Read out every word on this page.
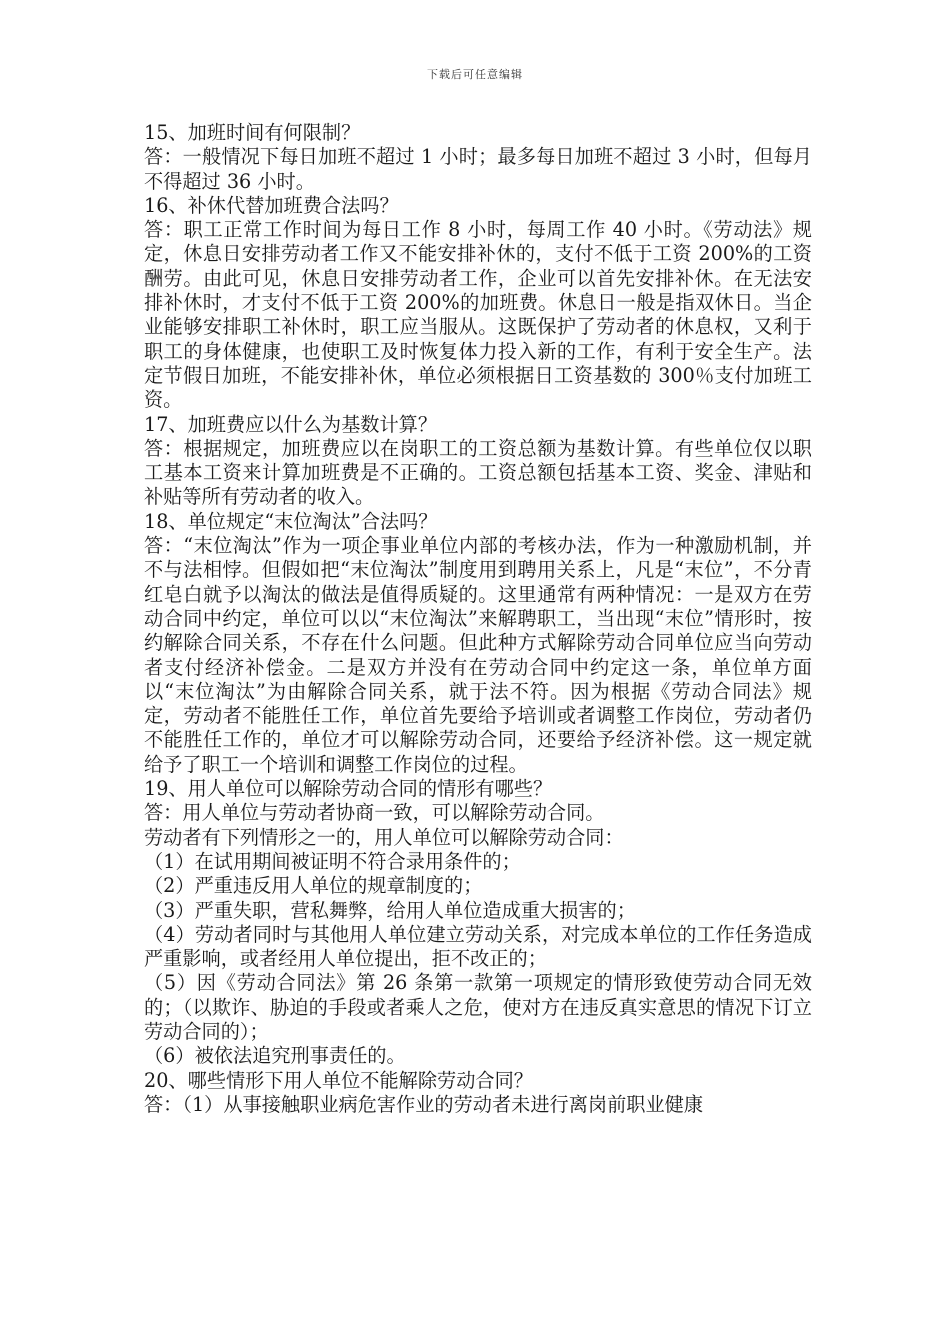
下载后可任意编辑

15、加班时间有何限制？

答：一般情况下每日加班不超过 1 小时；最多每日加班不超过 3 小时，但每月不得超过 36 小时。

16、补休代替加班费合法吗？

答：职工正常工作时间为每日工作 8 小时，每周工作 40 小时。《劳动法》规定，休息日安排劳动者工作又不能安排补休的，支付不低于工资 200%的工资酬劳。由此可见，休息日安排劳动者工作，企业可以首先安排补休。在无法安排补休时，才支付不低于工资 200%的加班费。休息日一般是指双休日。当企业能够安排职工补休时，职工应当服从。这既保护了劳动者的休息权，又利于职工的身体健康，也使职工及时恢复体力投入新的工作，有利于安全生产。法定节假日加班，不能安排补休，单位必须根据日工资基数的 300％支付加班工资。

17、加班费应以什么为基数计算？

答：根据规定，加班费应以在岗职工的工资总额为基数计算。有些单位仅以职工基本工资来计算加班费是不正确的。工资总额包括基本工资、奖金、津贴和补贴等所有劳动者的收入。

18、单位规定“末位淘汰”合法吗？

答：“末位淘汰”作为一项企事业单位内部的考核办法，作为一种激励机制，并不与法相悖。但假如把“末位淘汰”制度用到聘用关系上，凡是“末位”，不分青红皂白就予以淘汰的做法是值得质疑的。这里通常有两种情况：一是双方在劳动合同中约定，单位可以以“末位淘汰”来解聘职工，当出现“末位”情形时，按约解除合同关系，不存在什么问题。但此种方式解除劳动合同单位应当向劳动者支付经济补偿金。二是双方并没有在劳动合同中约定这一条，单位单方面以“末位淘汰”为由解除合同关系，就于法不符。因为根据《劳动合同法》规定，劳动者不能胜任工作，单位首先要给予培训或者调整工作岗位，劳动者仍不能胜任工作的，单位才可以解除劳动合同，还要给予经济补偿。这一规定就给予了职工一个培训和调整工作岗位的过程。

19、用人单位可以解除劳动合同的情形有哪些？

答：用人单位与劳动者协商一致，可以解除劳动合同。

劳动者有下列情形之一的，用人单位可以解除劳动合同：

（1）在试用期间被证明不符合录用条件的；

（2）严重违反用人单位的规章制度的；

（3）严重失职，营私舞弊，给用人单位造成重大损害的；

（4）劳动者同时与其他用人单位建立劳动关系，对完成本单位的工作任务造成严重影响，或者经用人单位提出，拒不改正的；

（5）因《劳动合同法》第 26 条第一款第一项规定的情形致使劳动合同无效的；（以欺诈、胁迫的手段或者乘人之危，使对方在违反真实意思的情况下订立劳动合同的）；

（6）被依法追究刑事责任的。

20、哪些情形下用人单位不能解除劳动合同？

答：（1）从事接触职业病危害作业的劳动者未进行离岗前职业健康
